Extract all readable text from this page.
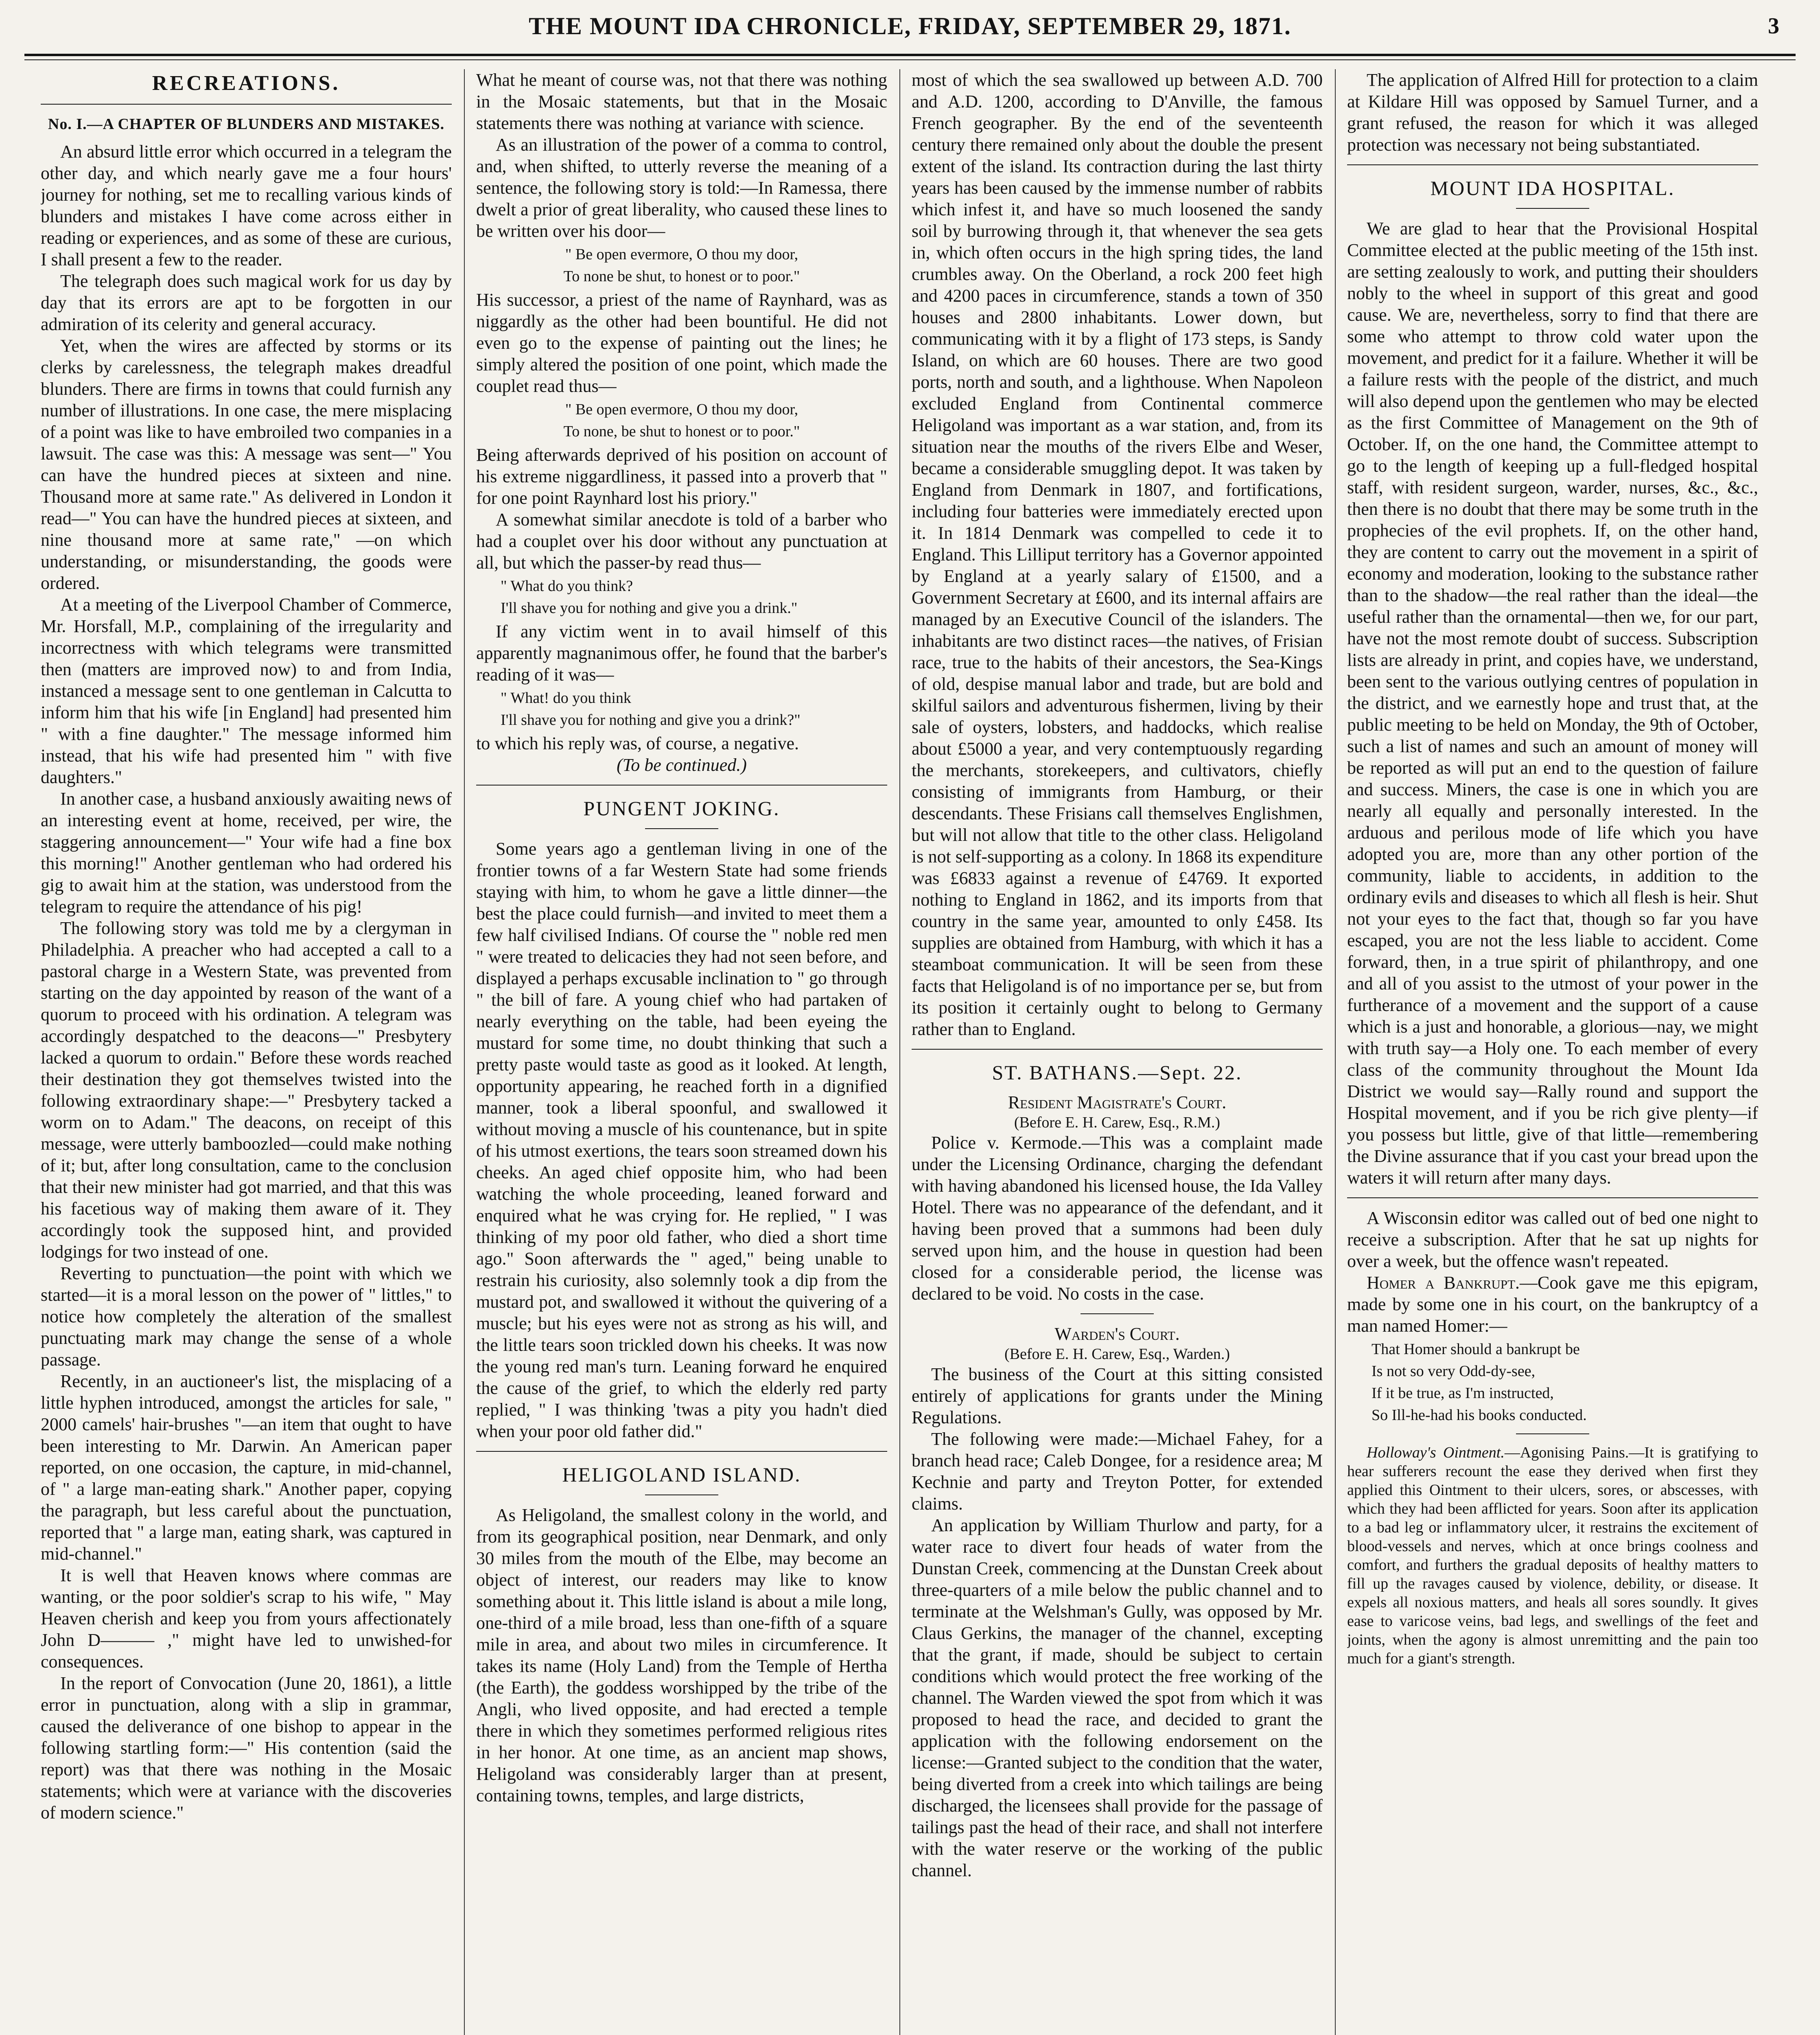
THE MOUNT IDA CHRONICLE, FRIDAY, SEPTEMBER 29, 1871.	3
RECREATIONS.
No. I.—A CHAPTER OF BLUNDERS AND MISTAKES.

An absurd little error which occurred in a telegram the other day, and which nearly gave me a four hours' journey for nothing, set me to recalling various kinds of blunders and mistakes I have come across either in reading or experiences, and as some of these are curious, I shall present a few to the reader.

The telegraph does such magical work for us day by day that its errors are apt to be forgotten in our admiration of its celerity and general accuracy.

Yet, when the wires are affected by storms or its clerks by carelessness, the telegraph makes dreadful blunders. There are firms in towns that could furnish any number of illustrations. In one case, the mere misplacing of a point was like to have embroiled two companies in a lawsuit. The case was this: A message was sent—" You can have the hundred pieces at sixteen and nine. Thousand more at same rate." As delivered in London it read—" You can have the hundred pieces at sixteen, and nine thousand more at same rate," —on which understanding, or misunderstanding, the goods were ordered.

At a meeting of the Liverpool Chamber of Commerce, Mr. Horsfall, M.P., complaining of the irregularity and incorrectness with which telegrams were transmitted then (matters are improved now) to and from India, instanced a message sent to one gentleman in Calcutta to inform him that his wife [in England] had presented him " with a fine daughter." The message informed him instead, that his wife had presented him " with five daughters."

In another case, a husband anxiously awaiting news of an interesting event at home, received, per wire, the staggering announcement—" Your wife had a fine box this morning!" Another gentleman who had ordered his gig to await him at the station, was understood from the telegram to require the attendance of his pig!

The following story was told me by a clergyman in Philadelphia. A preacher who had accepted a call to a pastoral charge in a Western State, was prevented from starting on the day appointed by reason of the want of a quorum to proceed with his ordination. A telegram was accordingly despatched to the deacons—" Presbytery lacked a quorum to ordain." Before these words reached their destination they got themselves twisted into the following extraordinary shape:—" Presbytery tacked a worm on to Adam." The deacons, on receipt of this message, were utterly bamboozled—could make nothing of it; but, after long consultation, came to the conclusion that their new minister had got married, and that this was his facetious way of making them aware of it. They accordingly took the supposed hint, and provided lodgings for two instead of one.

Reverting to punctuation—the point with which we started—it is a moral lesson on the power of " littles," to notice how completely the alteration of the smallest punctuating mark may change the sense of a whole passage.

Recently, in an auctioneer's list, the misplacing of a little hyphen introduced, amongst the articles for sale, " 2000 camels' hair-brushes "—an item that ought to have been interesting to Mr. Darwin. An American paper reported, on one occasion, the capture, in mid-channel, of " a large man-eating shark." Another paper, copying the paragraph, but less careful about the punctuation, reported that " a large man, eating shark, was captured in mid-channel."

It is well that Heaven knows where commas are wanting, or the poor soldier's scrap to his wife, " May Heaven cherish and keep you from yours affectionately John D——— ," might have led to unwished-for consequences.

In the report of Convocation (June 20, 1861), a little error in punctuation, along with a slip in grammar, caused the deliverance of one bishop to appear in the following startling form:—" His contention (said the report) was that there was nothing in the Mosaic statements; which were at variance with the discoveries of modern science."

What he meant of course was, not that there was nothing in the Mosaic statements, but that in the Mosaic statements there was nothing at variance with science.

As an illustration of the power of a comma to control, and, when shifted, to utterly reverse the meaning of a sentence, the following story is told:—In Ramessa, there dwelt a prior of great liberality, who caused these lines to be written over his door—

" Be open evermore, O thou my door,
To none be shut, to honest or to poor."

His successor, a priest of the name of Raynhard, was as niggardly as the other had been bountiful. He did not even go to the expense of painting out the lines; he simply altered the position of one point, which made the couplet read thus—

" Be open evermore, O thou my door,
To none, be shut to honest or to poor."

Being afterwards deprived of his position on account of his extreme niggardliness, it passed into a proverb that " for one point Raynhard lost his priory."

A somewhat similar anecdote is told of a barber who had a couplet over his door without any punctuation at all, but which the passer-by read thus—

" What do you think?
I'll shave you for nothing and give you a drink."

If any victim went in to avail himself of this apparently magnanimous offer, he found that the barber's reading of it was—

" What! do you think
I'll shave you for nothing and give you a drink?"

to which his reply was, of course, a negative.

(To be continued.)

PUNGENT JOKING.

Some years ago a gentleman living in one of the frontier towns of a far Western State had some friends staying with him, to whom he gave a little dinner—the best the place could furnish—and invited to meet them a few half civilised Indians. Of course the " noble red men " were treated to delicacies they had not seen before, and displayed a perhaps excusable inclination to " go through " the bill of fare. A young chief who had partaken of nearly everything on the table, had been eyeing the mustard for some time, no doubt thinking that such a pretty paste would taste as good as it looked. At length, opportunity appearing, he reached forth in a dignified manner, took a liberal spoonful, and swallowed it without moving a muscle of his countenance, but in spite of his utmost exertions, the tears soon streamed down his cheeks. An aged chief opposite him, who had been watching the whole proceeding, leaned forward and enquired what he was crying for. He replied, " I was thinking of my poor old father, who died a short time ago." Soon afterwards the " aged," being unable to restrain his curiosity, also solemnly took a dip from the mustard pot, and swallowed it without the quivering of a muscle; but his eyes were not as strong as his will, and the little tears soon trickled down his cheeks. It was now the young red man's turn. Leaning forward he enquired the cause of the grief, to which the elderly red party replied, " I was thinking 'twas a pity you hadn't died when your poor old father did."

HELIGOLAND ISLAND.

As Heligoland, the smallest colony in the world, and from its geographical position, near Denmark, and only 30 miles from the mouth of the Elbe, may become an object of interest, our readers may like to know something about it. This little island is about a mile long, one-third of a mile broad, less than one-fifth of a square mile in area, and about two miles in circumference. It takes its name (Holy Land) from the Temple of Hertha (the Earth), the goddess worshipped by the tribe of the Angli, who lived opposite, and had erected a temple there in which they sometimes performed religious rites in her honor. At one time, as an ancient map shows, Heligoland was considerably larger than at present, containing towns, temples, and large districts,

most of which the sea swallowed up between A.D. 700 and A.D. 1200, according to D'Anville, the famous French geographer. By the end of the seventeenth century there remained only about the double the present extent of the island. Its contraction during the last thirty years has been caused by the immense number of rabbits which infest it, and have so much loosened the sandy soil by burrowing through it, that whenever the sea gets in, which often occurs in the high spring tides, the land crumbles away. On the Oberland, a rock 200 feet high and 4200 paces in circumference, stands a town of 350 houses and 2800 inhabitants. Lower down, but communicating with it by a flight of 173 steps, is Sandy Island, on which are 60 houses. There are two good ports, north and south, and a lighthouse. When Napoleon excluded England from Continental commerce Heligoland was important as a war station, and, from its situation near the mouths of the rivers Elbe and Weser, became a considerable smuggling depot. It was taken by England from Denmark in 1807, and fortifications, including four batteries were immediately erected upon it. In 1814 Denmark was compelled to cede it to England. This Lilliput territory has a Governor appointed by England at a yearly salary of £1500, and a Government Secretary at £600, and its internal affairs are managed by an Executive Council of the islanders. The inhabitants are two distinct races—the natives, of Frisian race, true to the habits of their ancestors, the Sea-Kings of old, despise manual labor and trade, but are bold and skilful sailors and adventurous fishermen, living by their sale of oysters, lobsters, and haddocks, which realise about £5000 a year, and very contemptuously regarding the merchants, storekeepers, and cultivators, chiefly consisting of immigrants from Hamburg, or their descendants. These Frisians call themselves Englishmen, but will not allow that title to the other class. Heligoland is not self-supporting as a colony. In 1868 its expenditure was £6833 against a revenue of £4769. It exported nothing to England in 1862, and its imports from that country in the same year, amounted to only £458. Its supplies are obtained from Hamburg, with which it has a steamboat communication. It will be seen from these facts that Heligoland is of no importance per se, but from its position it certainly ought to belong to Germany rather than to England.

ST. BATHANS.—Sept. 22.
Resident Magistrate's Court.
(Before E. H. Carew, Esq., R.M.)

Police v. Kermode.—This was a complaint made under the Licensing Ordinance, charging the defendant with having abandoned his licensed house, the Ida Valley Hotel. There was no appearance of the defendant, and it having been proved that a summons had been duly served upon him, and the house in question had been closed for a considerable period, the license was declared to be void. No costs in the case.

Warden's Court.
(Before E. H. Carew, Esq., Warden.)

The business of the Court at this sitting consisted entirely of applications for grants under the Mining Regulations.

The following were made:—Michael Fahey, for a branch head race; Caleb Dongee, for a residence area; M Kechnie and party and Treyton Potter, for extended claims.

An application by William Thurlow and party, for a water race to divert four heads of water from the Dunstan Creek, commencing at the Dunstan Creek about three-quarters of a mile below the public channel and to terminate at the Welshman's Gully, was opposed by Mr. Claus Gerkins, the manager of the channel, excepting that the grant, if made, should be subject to certain conditions which would protect the free working of the channel. The Warden viewed the spot from which it was proposed to head the race, and decided to grant the application with the following endorsement on the license:—Granted subject to the condition that the water, being diverted from a creek into which tailings are being discharged, the licensees shall provide for the passage of tailings past the head of their race, and shall not interfere with the water reserve or the working of the public channel.

The application of Alfred Hill for protection to a claim at Kildare Hill was opposed by Samuel Turner, and a grant refused, the reason for which it was alleged protection was necessary not being substantiated.

MOUNT IDA HOSPITAL.

We are glad to hear that the Provisional Hospital Committee elected at the public meeting of the 15th inst. are setting zealously to work, and putting their shoulders nobly to the wheel in support of this great and good cause. We are, nevertheless, sorry to find that there are some who attempt to throw cold water upon the movement, and predict for it a failure. Whether it will be a failure rests with the people of the district, and much will also depend upon the gentlemen who may be elected as the first Committee of Management on the 9th of October. If, on the one hand, the Committee attempt to go to the length of keeping up a full-fledged hospital staff, with resident surgeon, warder, nurses, &c., &c., then there is no doubt that there may be some truth in the prophecies of the evil prophets. If, on the other hand, they are content to carry out the movement in a spirit of economy and moderation, looking to the substance rather than to the shadow—the real rather than the ideal—the useful rather than the ornamental—then we, for our part, have not the most remote doubt of success. Subscription lists are already in print, and copies have, we understand, been sent to the various outlying centres of population in the district, and we earnestly hope and trust that, at the public meeting to be held on Monday, the 9th of October, such a list of names and such an amount of money will be reported as will put an end to the question of failure and success. Miners, the case is one in which you are nearly all equally and personally interested. In the arduous and perilous mode of life which you have adopted you are, more than any other portion of the community, liable to accidents, in addition to the ordinary evils and diseases to which all flesh is heir. Shut not your eyes to the fact that, though so far you have escaped, you are not the less liable to accident. Come forward, then, in a true spirit of philanthropy, and one and all of you assist to the utmost of your power in the furtherance of a movement and the support of a cause which is a just and honorable, a glorious—nay, we might with truth say—a Holy one. To each member of every class of the community throughout the Mount Ida District we would say—Rally round and support the Hospital movement, and if you be rich give plenty—if you possess but little, give of that little—remembering the Divine assurance that if you cast your bread upon the waters it will return after many days.

A Wisconsin editor was called out of bed one night to receive a subscription. After that he sat up nights for over a week, but the offence wasn't repeated.

Homer a Bankrupt.—Cook gave me this epigram, made by some one in his court, on the bankruptcy of a man named Homer:—

That Homer should a bankrupt be
Is not so very Odd-dy-see,
If it be true, as I'm instructed,
So Ill-he-had his books conducted.

Holloway's Ointment.—Agonising Pains.—It is gratifying to hear sufferers recount the ease they derived when first they applied this Ointment to their ulcers, sores, or abscesses, with which they had been afflicted for years. Soon after its application to a bad leg or inflammatory ulcer, it restrains the excitement of blood-vessels and nerves, which at once brings coolness and comfort, and furthers the gradual deposits of healthy matters to fill up the ravages caused by violence, debility, or disease. It expels all noxious matters, and heals all sores soundly. It gives ease to varicose veins, bad legs, and swellings of the feet and joints, when the agony is almost unremitting and the pain too much for a giant's strength.
